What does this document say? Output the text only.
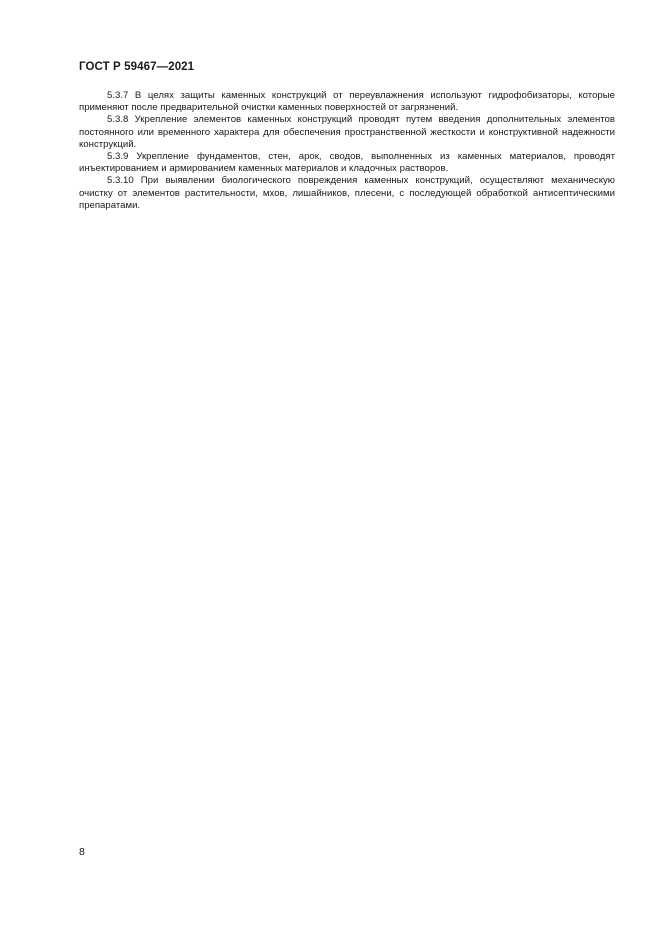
ГОСТ Р 59467—2021

5.3.7 В целях защиты каменных конструкций от переувлажнения используют гидрофобизаторы, которые применяют после предварительной очистки каменных поверхностей от загрязнений.

5.3.8 Укрепление элементов каменных конструкций проводят путем введения дополнительных элементов постоянного или временного характера для обеспечения пространственной жесткости и конструктивной надежности конструкций.

5.3.9 Укрепление фундаментов, стен, арок, сводов, выполненных из каменных материалов, проводят инъектированием и армированием каменных материалов и кладочных растворов.

5.3.10 При выявлении биологического повреждения каменных конструкций, осуществляют механическую очистку от элементов растительности, мхов, лишайников, плесени, с последующей обработкой антисептическими препаратами.

8
